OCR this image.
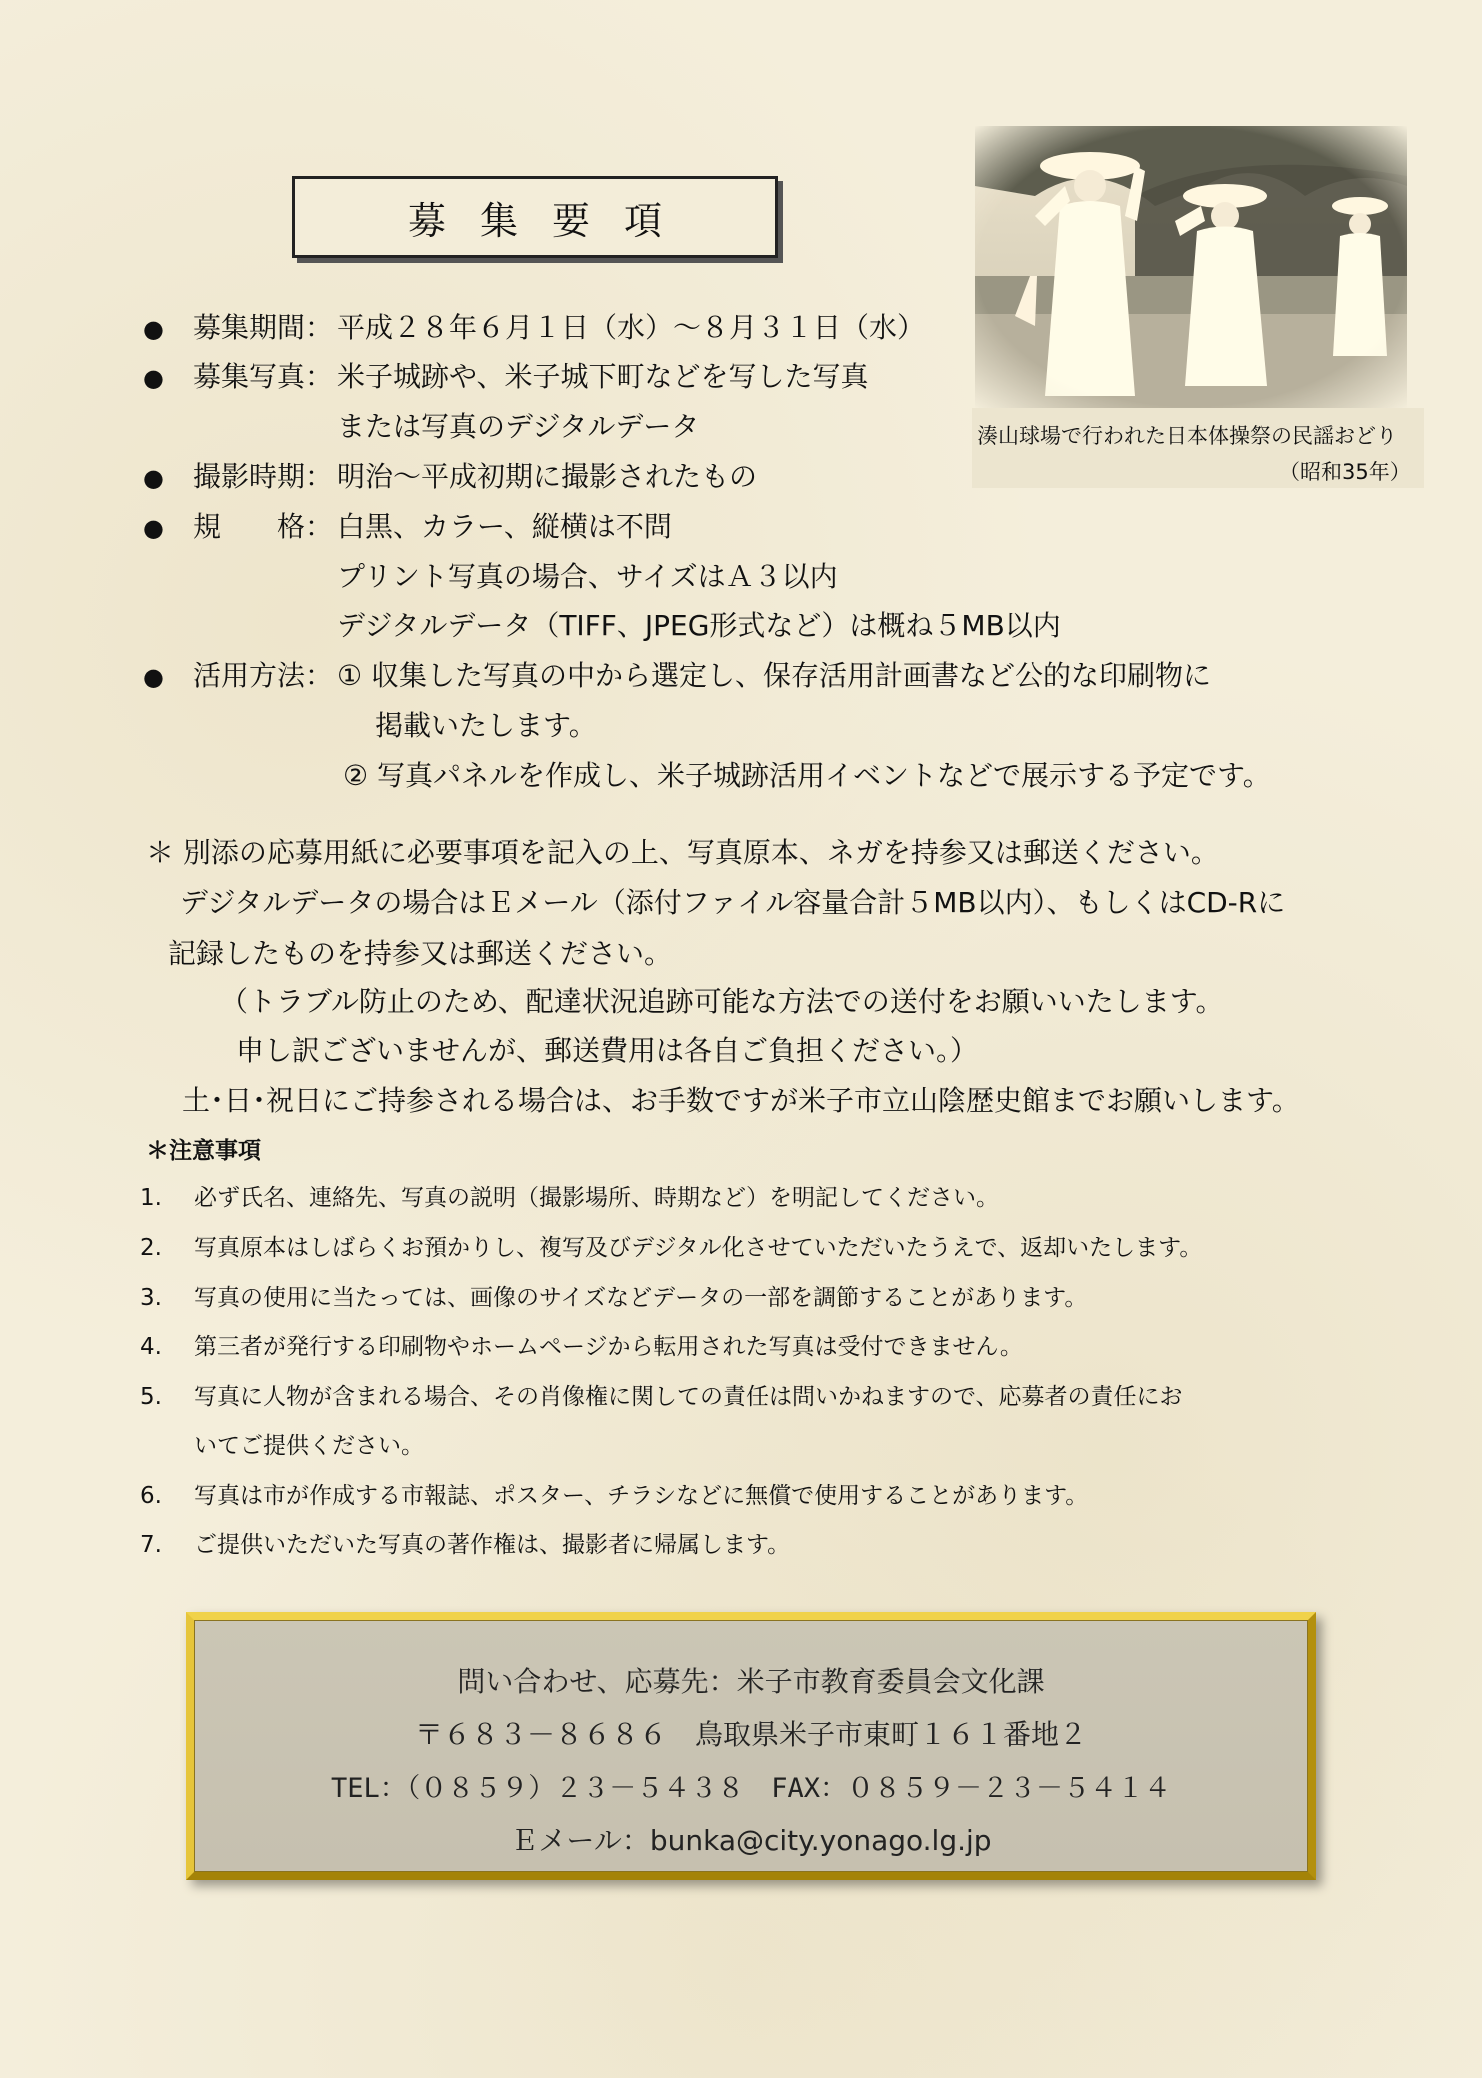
募集要項
湊山球場で行われた日本体操祭の民謡おどり
（昭和35年）
● 募集期間： 平成２８年６月１日（水）～８月３１日（水）
● 募集写真： 米子城跡や、米子城下町などを写した写真
または写真のデジタルデータ
● 撮影時期： 明治～平成初期に撮影されたもの
● 規　　格： 白黒、カラー、縦横は不問
プリント写真の場合、サイズはＡ３以内
デジタルデータ（TIFF、JPEG形式など）は概ね５MB以内
● 活用方法： ① 収集した写真の中から選定し、保存活用計画書など公的な印刷物に
掲載いたします。
② 写真パネルを作成し、米子城跡活用イベントなどで展示する予定です。
＊ 別添の応募用紙に必要事項を記入の上、写真原本、ネガを持参又は郵送ください。
デジタルデータの場合はＥメール（添付ファイル容量合計５MB以内）、もしくはCD-Rに
記録したものを持参又は郵送ください。
（トラブル防止のため、配達状況追跡可能な方法での送付をお願いいたします。
申し訳ございませんが、郵送費用は各自ご負担ください。）
土･日･祝日にご持参される場合は、お手数ですが米子市立山陰歴史館までお願いします。
＊注意事項
1. 必ず氏名、連絡先、写真の説明（撮影場所、時期など）を明記してください。
2. 写真原本はしばらくお預かりし、複写及びデジタル化させていただいたうえで、返却いたします。
3. 写真の使用に当たっては、画像のサイズなどデータの一部を調節することがあります。
4. 第三者が発行する印刷物やホームページから転用された写真は受付できません。
5. 写真に人物が含まれる場合、その肖像権に関しての責任は問いかねますので、応募者の責任にお
いてご提供ください。
6. 写真は市が作成する市報誌、ポスター、チラシなどに無償で使用することがあります。
7. ご提供いただいた写真の著作権は、撮影者に帰属します。
問い合わせ、応募先：米子市教育委員会文化課
〒６８３－８６８６　鳥取県米子市東町１６１番地２
TEL：（０８５９）２３－５４３８　FAX：０８５９－２３－５４１４
Ｅメール：bunka@city.yonago.lg.jp
